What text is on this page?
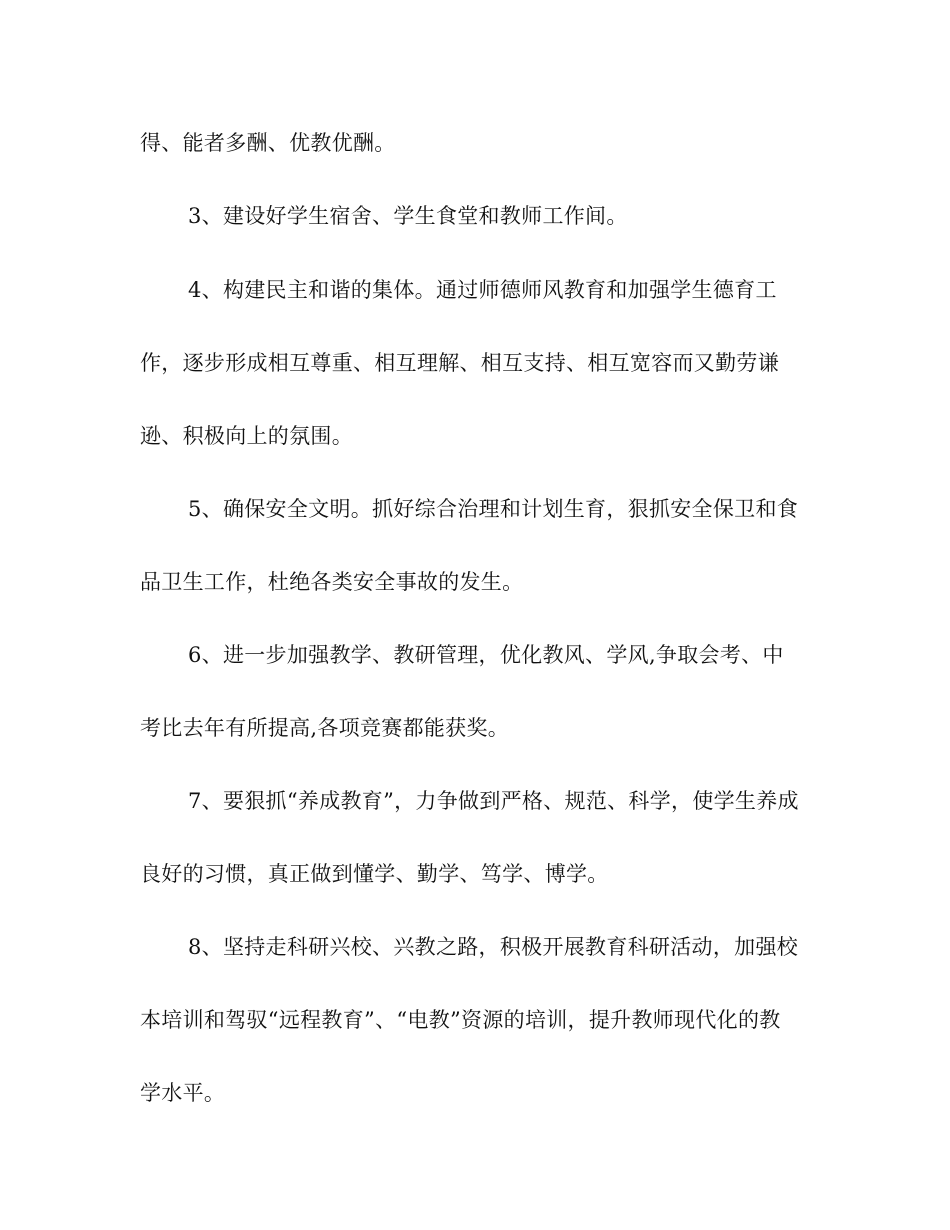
得、能者多酬、优教优酬。
3、建设好学生宿舍、学生食堂和教师工作间。
4、构建民主和谐的集体。通过师德师风教育和加强学生德育工
作，逐步形成相互尊重、相互理解、相互支持、相互宽容而又勤劳谦
逊、积极向上的氛围。
5、确保安全文明。抓好综合治理和计划生育，狠抓安全保卫和食
品卫生工作，杜绝各类安全事故的发生。
6、进一步加强教学、教研管理，优化教风、学风,争取会考、中
考比去年有所提高,各项竞赛都能获奖。
7、要狠抓“养成教育”，力争做到严格、规范、科学，使学生养成
良好的习惯，真正做到懂学、勤学、笃学、博学。
8、坚持走科研兴校、兴教之路，积极开展教育科研活动，加强校
本培训和驾驭“远程教育”、“电教”资源的培训，提升教师现代化的教
学水平。
